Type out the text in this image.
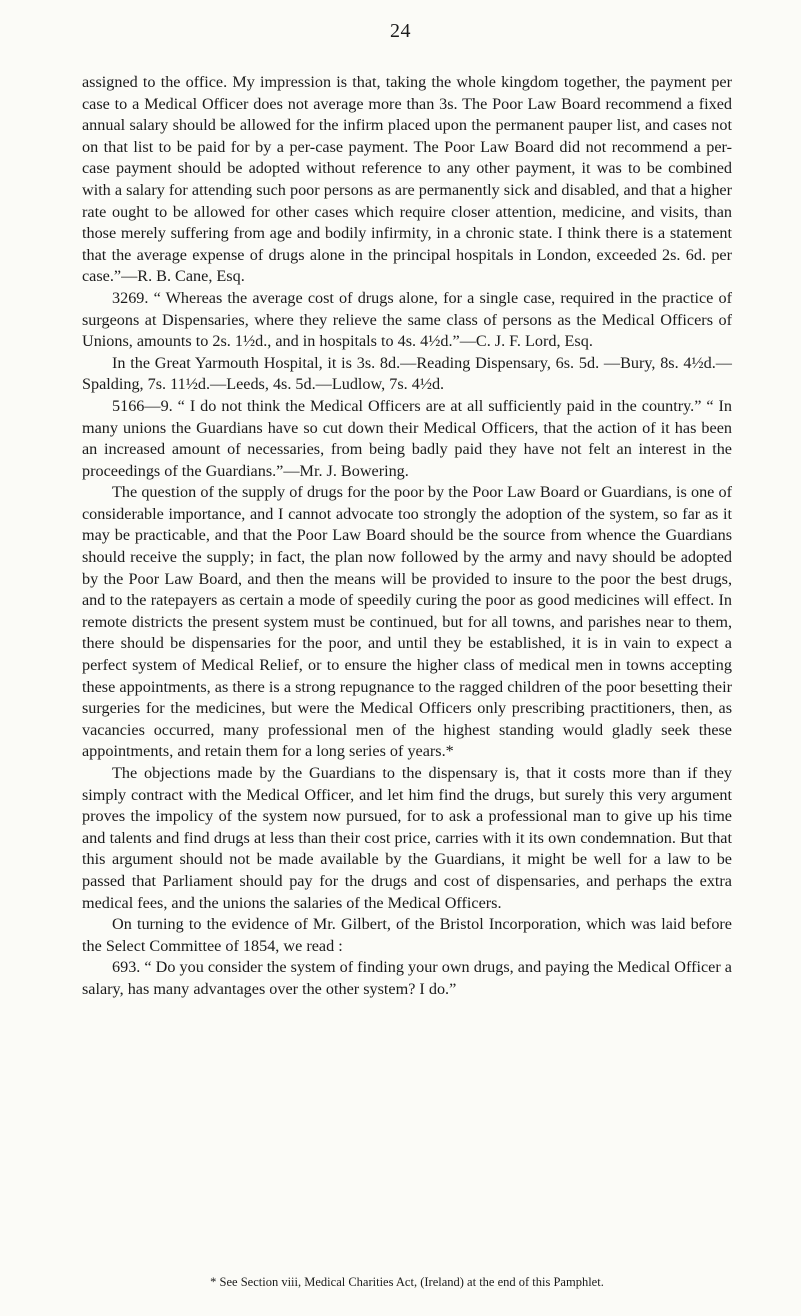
24

assigned to the office. My impression is that, taking the whole kingdom together, the payment per case to a Medical Officer does not average more than 3s. The Poor Law Board recommend a fixed annual salary should be allowed for the infirm placed upon the permanent pauper list, and cases not on that list to be paid for by a per-case payment. The Poor Law Board did not recommend a per-case payment should be adopted without reference to any other payment, it was to be combined with a salary for attending such poor persons as are permanently sick and disabled, and that a higher rate ought to be allowed for other cases which require closer attention, medicine, and visits, than those merely suffering from age and bodily infirmity, in a chronic state. I think there is a statement that the average expense of drugs alone in the principal hospitals in London, exceeded 2s. 6d. per case.”—R. B. Cane, Esq.

3269. “ Whereas the average cost of drugs alone, for a single case, required in the practice of surgeons at Dispensaries, where they relieve the same class of persons as the Medical Officers of Unions, amounts to 2s. 1½d., and in hospitals to 4s. 4½d.”—C. J. F. Lord, Esq.

In the Great Yarmouth Hospital, it is 3s. 8d.—Reading Dispensary, 6s. 5d. —Bury, 8s. 4½d.—Spalding, 7s. 11½d.—Leeds, 4s. 5d.—Ludlow, 7s. 4½d.

5166—9. “ I do not think the Medical Officers are at all sufficiently paid in the country.” “ In many unions the Guardians have so cut down their Medical Officers, that the action of it has been an increased amount of necessaries, from being badly paid they have not felt an interest in the proceedings of the Guardians.”—Mr. J. Bowering.

The question of the supply of drugs for the poor by the Poor Law Board or Guardians, is one of considerable importance, and I cannot advocate too strongly the adoption of the system, so far as it may be practicable, and that the Poor Law Board should be the source from whence the Guardians should receive the supply; in fact, the plan now followed by the army and navy should be adopted by the Poor Law Board, and then the means will be provided to insure to the poor the best drugs, and to the ratepayers as certain a mode of speedily curing the poor as good medicines will effect. In remote districts the present system must be continued, but for all towns, and parishes near to them, there should be dispensaries for the poor, and until they be established, it is in vain to expect a perfect system of Medical Relief, or to ensure the higher class of medical men in towns accepting these appointments, as there is a strong repugnance to the ragged children of the poor besetting their surgeries for the medicines, but were the Medical Officers only prescribing practitioners, then, as vacancies occurred, many professional men of the highest standing would gladly seek these appointments, and retain them for a long series of years.*

The objections made by the Guardians to the dispensary is, that it costs more than if they simply contract with the Medical Officer, and let him find the drugs, but surely this very argument proves the impolicy of the system now pursued, for to ask a professional man to give up his time and talents and find drugs at less than their cost price, carries with it its own condemnation. But that this argument should not be made available by the Guardians, it might be well for a law to be passed that Parliament should pay for the drugs and cost of dispensaries, and perhaps the extra medical fees, and the unions the salaries of the Medical Officers.

On turning to the evidence of Mr. Gilbert, of the Bristol Incorporation, which was laid before the Select Committee of 1854, we read :

693. “ Do you consider the system of finding your own drugs, and paying the Medical Officer a salary, has many advantages over the other system? I do.”

* See Section viii, Medical Charities Act, (Ireland) at the end of this Pamphlet.
